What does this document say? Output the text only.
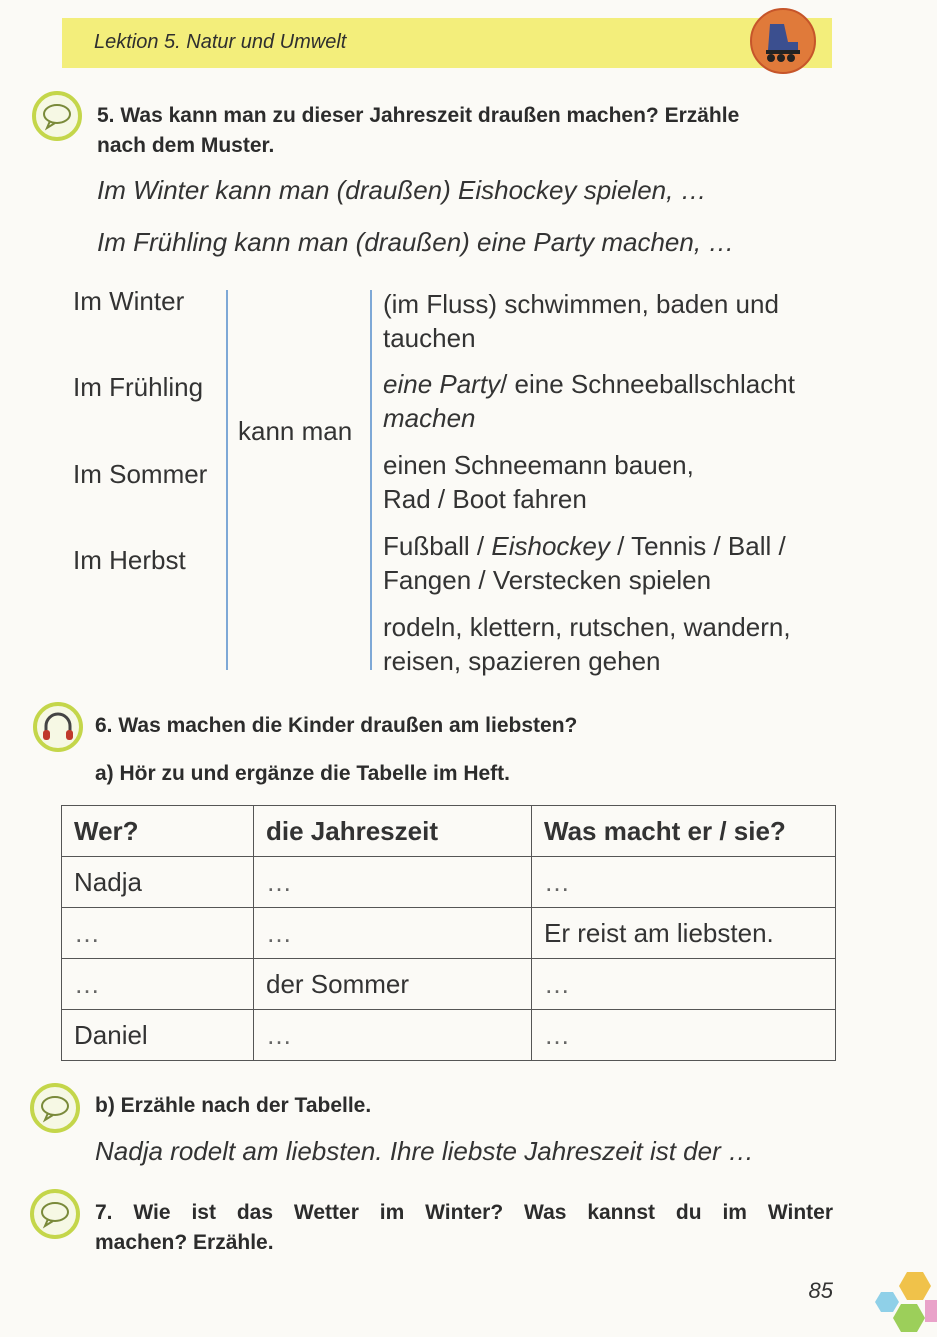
Lektion 5. Natur und Umwelt
5. Was kann man zu dieser Jahreszeit draußen machen? Erzähle
nach dem Muster.
Im Winter kann man (draußen) Eishockey spielen, …
Im Frühling kann man (draußen) eine Party machen, …
Im Winter
Im Frühling
Im Sommer
Im Herbst
kann man
(im Fluss) schwimmen, baden und
tauchen
eine Party/ eine Schneeballschlacht
machen
einen Schneemann bauen,
Rad / Boot fahren
Fußball / Eishockey / Tennis / Ball /
Fangen / Verstecken spielen
rodeln, klettern, rutschen, wandern,
reisen, spazieren gehen
6. Was machen die Kinder draußen am liebsten?
a) Hör zu und ergänze die Tabelle im Heft.
Wer?	die Jahreszeit	Was macht er / sie?
Nadja	…	…
…	…	Er reist am liebsten.
…	der Sommer	…
Daniel	…	…
b) Erzähle nach der Tabelle.
Nadja rodelt am liebsten. Ihre liebste Jahreszeit ist der …
7. Wie ist das Wetter im Winter? Was kannst du im Winter
machen? Erzähle.
85
